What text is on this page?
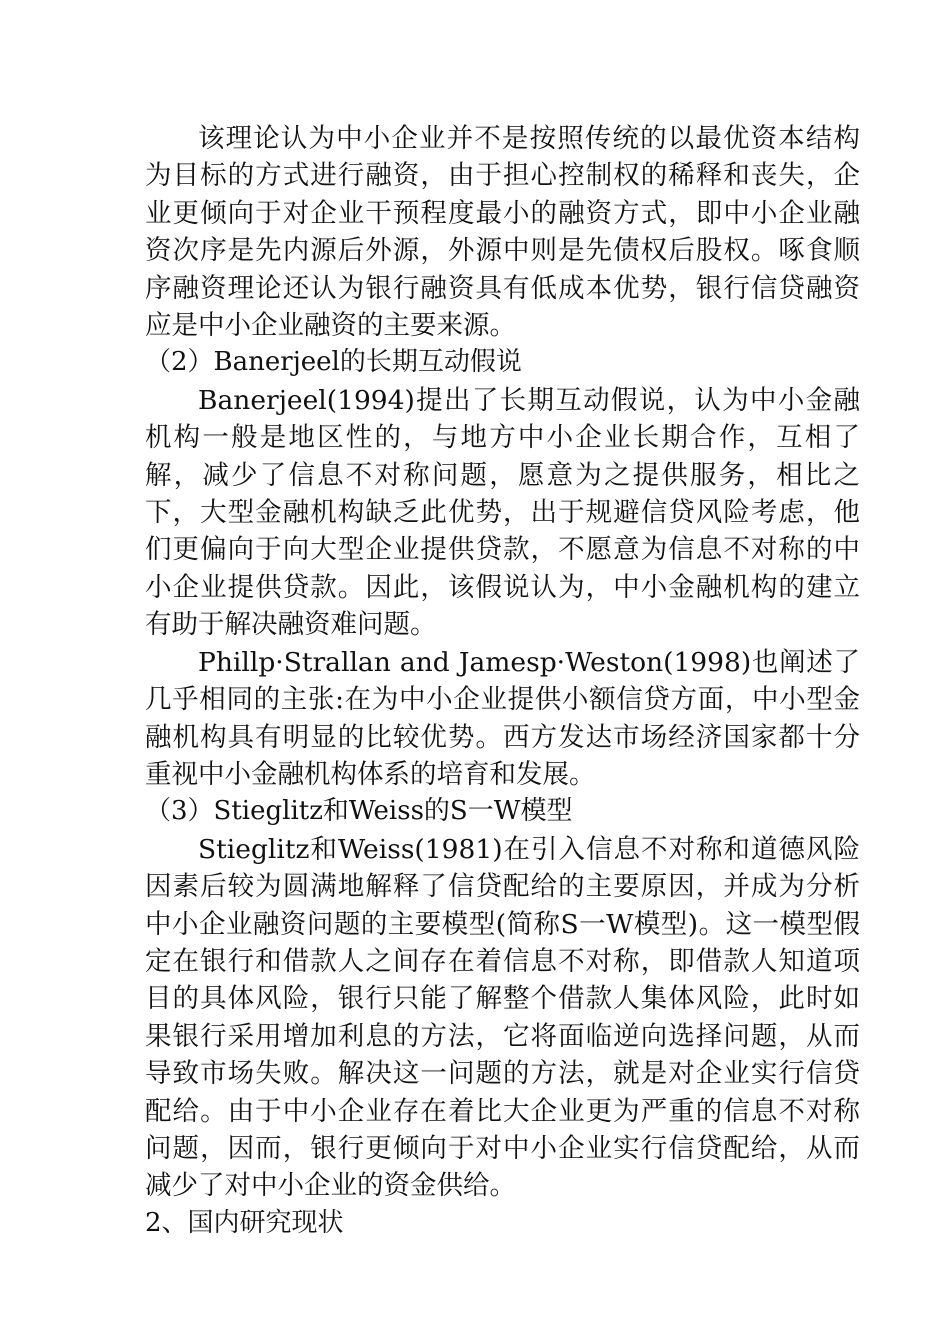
该理论认为中小企业并不是按照传统的以最优资本结构为目标的方式进行融资，由于担心控制权的稀释和丧失，企业更倾向于对企业干预程度最小的融资方式，即中小企业融资次序是先内源后外源，外源中则是先债权后股权。啄食顺序融资理论还认为银行融资具有低成本优势，银行信贷融资应是中小企业融资的主要来源。

（2）Banerjeel的长期互动假说

Banerjeel(1994)提出了长期互动假说，认为中小金融机构一般是地区性的，与地方中小企业长期合作，互相了解，减少了信息不对称问题，愿意为之提供服务，相比之下，大型金融机构缺乏此优势，出于规避信贷风险考虑，他们更偏向于向大型企业提供贷款，不愿意为信息不对称的中小企业提供贷款。因此，该假说认为，中小金融机构的建立有助于解决融资难问题。

Phillp·Strallan and Jamesp·Weston(1998)也阐述了几乎相同的主张:在为中小企业提供小额信贷方面，中小型金融机构具有明显的比较优势。西方发达市场经济国家都十分重视中小金融机构体系的培育和发展。

（3）Stieglitz和Weiss的S一W模型

Stieglitz和Weiss(1981)在引入信息不对称和道德风险因素后较为圆满地解释了信贷配给的主要原因，并成为分析中小企业融资问题的主要模型(简称S一W模型)。这一模型假定在银行和借款人之间存在着信息不对称，即借款人知道项目的具体风险，银行只能了解整个借款人集体风险，此时如果银行采用增加利息的方法，它将面临逆向选择问题，从而导致市场失败。解决这一问题的方法，就是对企业实行信贷配给。由于中小企业存在着比大企业更为严重的信息不对称问题，因而，银行更倾向于对中小企业实行信贷配给，从而减少了对中小企业的资金供给。

2、国内研究现状
